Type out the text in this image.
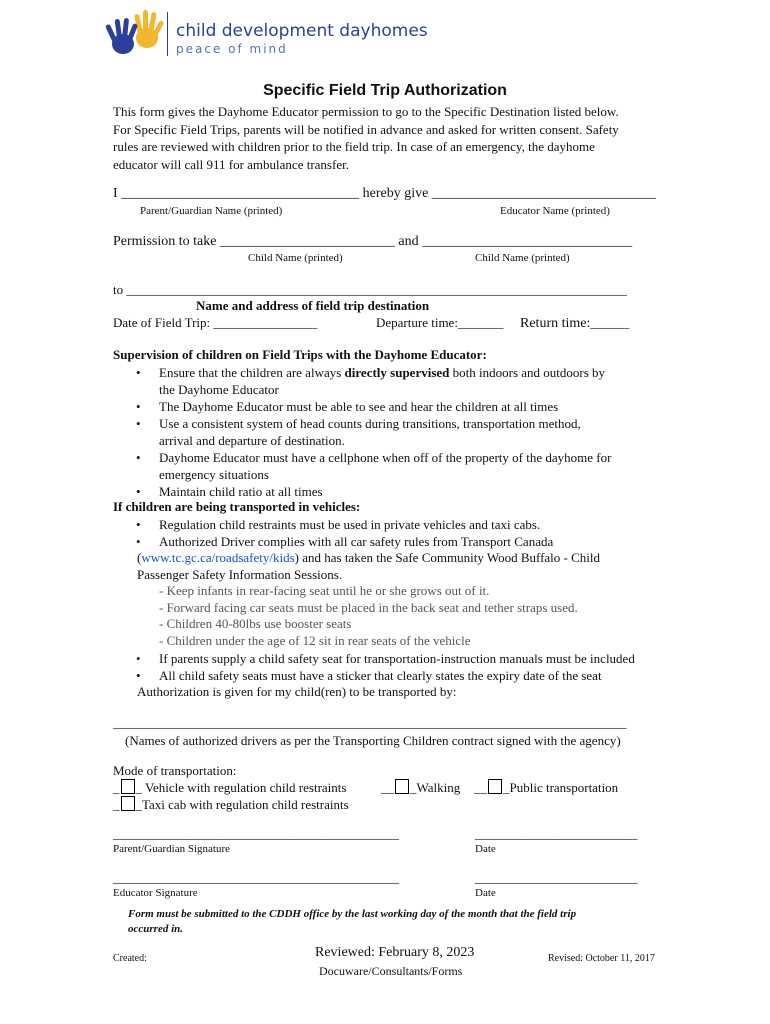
child development dayhomes
peace of mind
Specific Field Trip Authorization
This form gives the Dayhome Educator permission to go to the Specific Destination listed below.
For Specific Field Trips, parents will be notified in advance and asked for written consent. Safety
rules are reviewed with children prior to the field trip. In case of an emergency, the dayhome
educator will call 911 for ambulance transfer.
I __________________________________ hereby give ________________________________
Parent/Guardian Name (printed)	Educator Name (printed)
Permission to take _________________________ and ______________________________
Child Name (printed)	Child Name (printed)
to _____________________________________________________________________________
Name and address of field trip destination
Date of Field Trip: ________________	Departure time:_______ Return time:______
Supervision of children on Field Trips with the Dayhome Educator:
• Ensure that the children are always directly supervised both indoors and outdoors by
the Dayhome Educator
• The Dayhome Educator must be able to see and hear the children at all times
• Use a consistent system of head counts during transitions, transportation method,
arrival and departure of destination.
• Dayhome Educator must have a cellphone when off of the property of the dayhome for
emergency situations
• Maintain child ratio at all times
If children are being transported in vehicles:
• Regulation child restraints must be used in private vehicles and taxi cabs.
• Authorized Driver complies with all car safety rules from Transport Canada
(www.tc.gc.ca/roadsafety/kids) and has taken the Safe Community Wood Buffalo - Child
Passenger Safety Information Sessions.
- Keep infants in rear-facing seat until he or she grows out of it.
- Forward facing car seats must be placed in the back seat and tether straps used.
- Children 40-80lbs use booster seats
- Children under the age of 12 sit in rear seats of the vehicle
• If parents supply a child safety seat for transportation-instruction manuals must be included
• All child safety seats must have a sticker that clearly states the expiry date of the seat
Authorization is given for my child(ren) to be transported by:
_______________________________________________________________________________
(Names of authorized drivers as per the Transporting Children contract signed with the agency)
Mode of transportation:
_ _ Vehicle with regulation child restraints
_ _Taxi cab with regulation child restraints
__ _Walking __ _Public transportation
____________________________________________	_________________________
Parent/Guardian Signature	Date
____________________________________________	_________________________
Educator Signature	Date
Form must be submitted to the CDDH office by the last working day of the month that the field trip
occurred in.
Created:	Reviewed: February 8, 2023
Docuware/Consultants/Forms
Revised: October 11, 2017
